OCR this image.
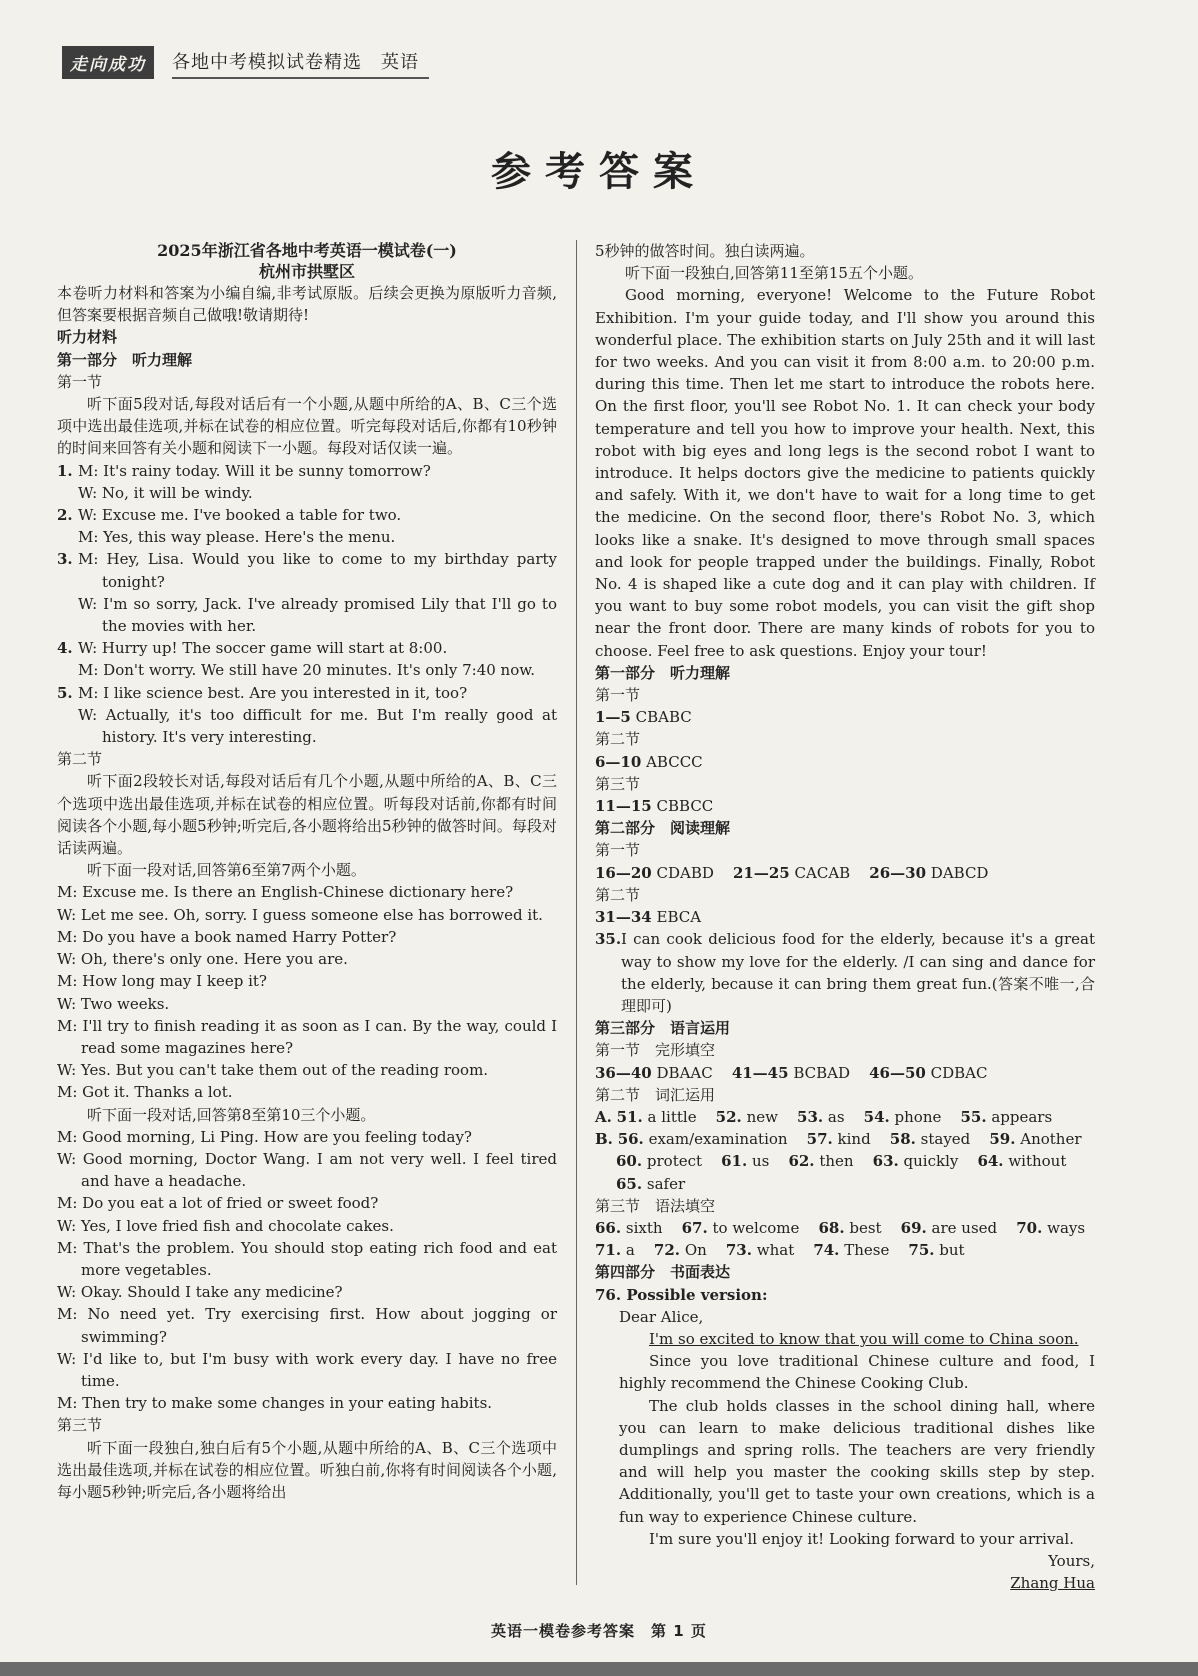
走向成功	各地中考模拟试卷精选　英语
参考答案
2025年浙江省各地中考英语一模试卷(一)
杭州市拱墅区

本卷听力材料和答案为小编自编,非考试原版。后续会更换为原版听力音频,但答案要根据音频自己做哦!敬请期待!

听力材料

第一部分　听力理解

第一节

听下面5段对话,每段对话后有一个小题,从题中所给的A、B、C三个选项中选出最佳选项,并标在试卷的相应位置。听完每段对话后,你都有10秒钟的时间来回答有关小题和阅读下一小题。每段对话仅读一遍。

1. M: It's rainy today. Will it be sunny tomorrow?
W: No, it will be windy.
2. W: Excuse me. I've booked a table for two.
M: Yes, this way please. Here's the menu.
3. M: Hey, Lisa. Would you like to come to my birthday party tonight?
W: I'm so sorry, Jack. I've already promised Lily that I'll go to the movies with her.
4. W: Hurry up! The soccer game will start at 8:00.
M: Don't worry. We still have 20 minutes. It's only 7:40 now.
5. M: I like science best. Are you interested in it, too?
W: Actually, it's too difficult for me. But I'm really good at history. It's very interesting.

第二节

听下面2段较长对话,每段对话后有几个小题,从题中所给的A、B、C三个选项中选出最佳选项,并标在试卷的相应位置。听每段对话前,你都有时间阅读各个小题,每小题5秒钟;听完后,各小题将给出5秒钟的做答时间。每段对话读两遍。

听下面一段对话,回答第6至第7两个小题。

M: Excuse me. Is there an English-Chinese dictionary here?

W: Let me see. Oh, sorry. I guess someone else has borrowed it.

M: Do you have a book named Harry Potter?

W: Oh, there's only one. Here you are.

M: How long may I keep it?

W: Two weeks.

M: I'll try to finish reading it as soon as I can. By the way, could I read some magazines here?

W: Yes. But you can't take them out of the reading room.

M: Got it. Thanks a lot.

听下面一段对话,回答第8至第10三个小题。

M: Good morning, Li Ping. How are you feeling today?

W: Good morning, Doctor Wang. I am not very well. I feel tired and have a headache.

M: Do you eat a lot of fried or sweet food?

W: Yes, I love fried fish and chocolate cakes.

M: That's the problem. You should stop eating rich food and eat more vegetables.

W: Okay. Should I take any medicine?

M: No need yet. Try exercising first. How about jogging or swimming?

W: I'd like to, but I'm busy with work every day. I have no free time.

M: Then try to make some changes in your eating habits.

第三节

听下面一段独白,独白后有5个小题,从题中所给的A、B、C三个选项中选出最佳选项,并标在试卷的相应位置。听独白前,你将有时间阅读各个小题,每小题5秒钟;听完后,各小题将给出

5秒钟的做答时间。独白读两遍。

听下面一段独白,回答第11至第15五个小题。

Good morning, everyone! Welcome to the Future Robot Exhibition. I'm your guide today, and I'll show you around this wonderful place. The exhibition starts on July 25th and it will last for two weeks. And you can visit it from 8:00 a.m. to 20:00 p.m. during this time. Then let me start to introduce the robots here. On the first floor, you'll see Robot No. 1. It can check your body temperature and tell you how to improve your health. Next, this robot with big eyes and long legs is the second robot I want to introduce. It helps doctors give the medicine to patients quickly and safely. With it, we don't have to wait for a long time to get the medicine. On the second floor, there's Robot No. 3, which looks like a snake. It's designed to move through small spaces and look for people trapped under the buildings. Finally, Robot No. 4 is shaped like a cute dog and it can play with children. If you want to buy some robot models, you can visit the gift shop near the front door. There are many kinds of robots for you to choose. Feel free to ask questions. Enjoy your tour!

第一部分　听力理解

第一节

1—5 CBABC

第二节

6—10 ABCCC

第三节

11—15 CBBCC

第二部分　阅读理解

第一节

16—20 CDABD 21—25 CACAB 26—30 DABCD

第二节

31—34 EBCA

35. I can cook delicious food for the elderly, because it's a great way to show my love for the elderly. /I can sing and dance for the elderly, because it can bring them great fun.(答案不唯一,合理即可)

第三部分　语言运用

第一节　完形填空

36—40 DBAAC 41—45 BCBAD 46—50 CDBAC

第二节　词汇运用

A. 51. a little 52. new 53. as 54. phone 55. appears

B. 56. exam/examination 57. kind 58. stayed 59. Another

60. protect 61. us 62. then 63. quickly 64. without

65. safer

第三节　语法填空

66. sixth 67. to welcome 68. best 69. are used 70. ways

71. a 72. On 73. what 74. These 75. but

第四部分　书面表达

76. Possible version:

Dear Alice,

I'm so excited to know that you will come to China soon.

Since you love traditional Chinese culture and food, I highly recommend the Chinese Cooking Club.

The club holds classes in the school dining hall, where you can learn to make delicious traditional dishes like dumplings and spring rolls. The teachers are very friendly and will help you master the cooking skills step by step. Additionally, you'll get to taste your own creations, which is a fun way to experience Chinese culture.

I'm sure you'll enjoy it! Looking forward to your arrival.

Yours,

Zhang Hua

英语一模卷参考答案　第 1 页
